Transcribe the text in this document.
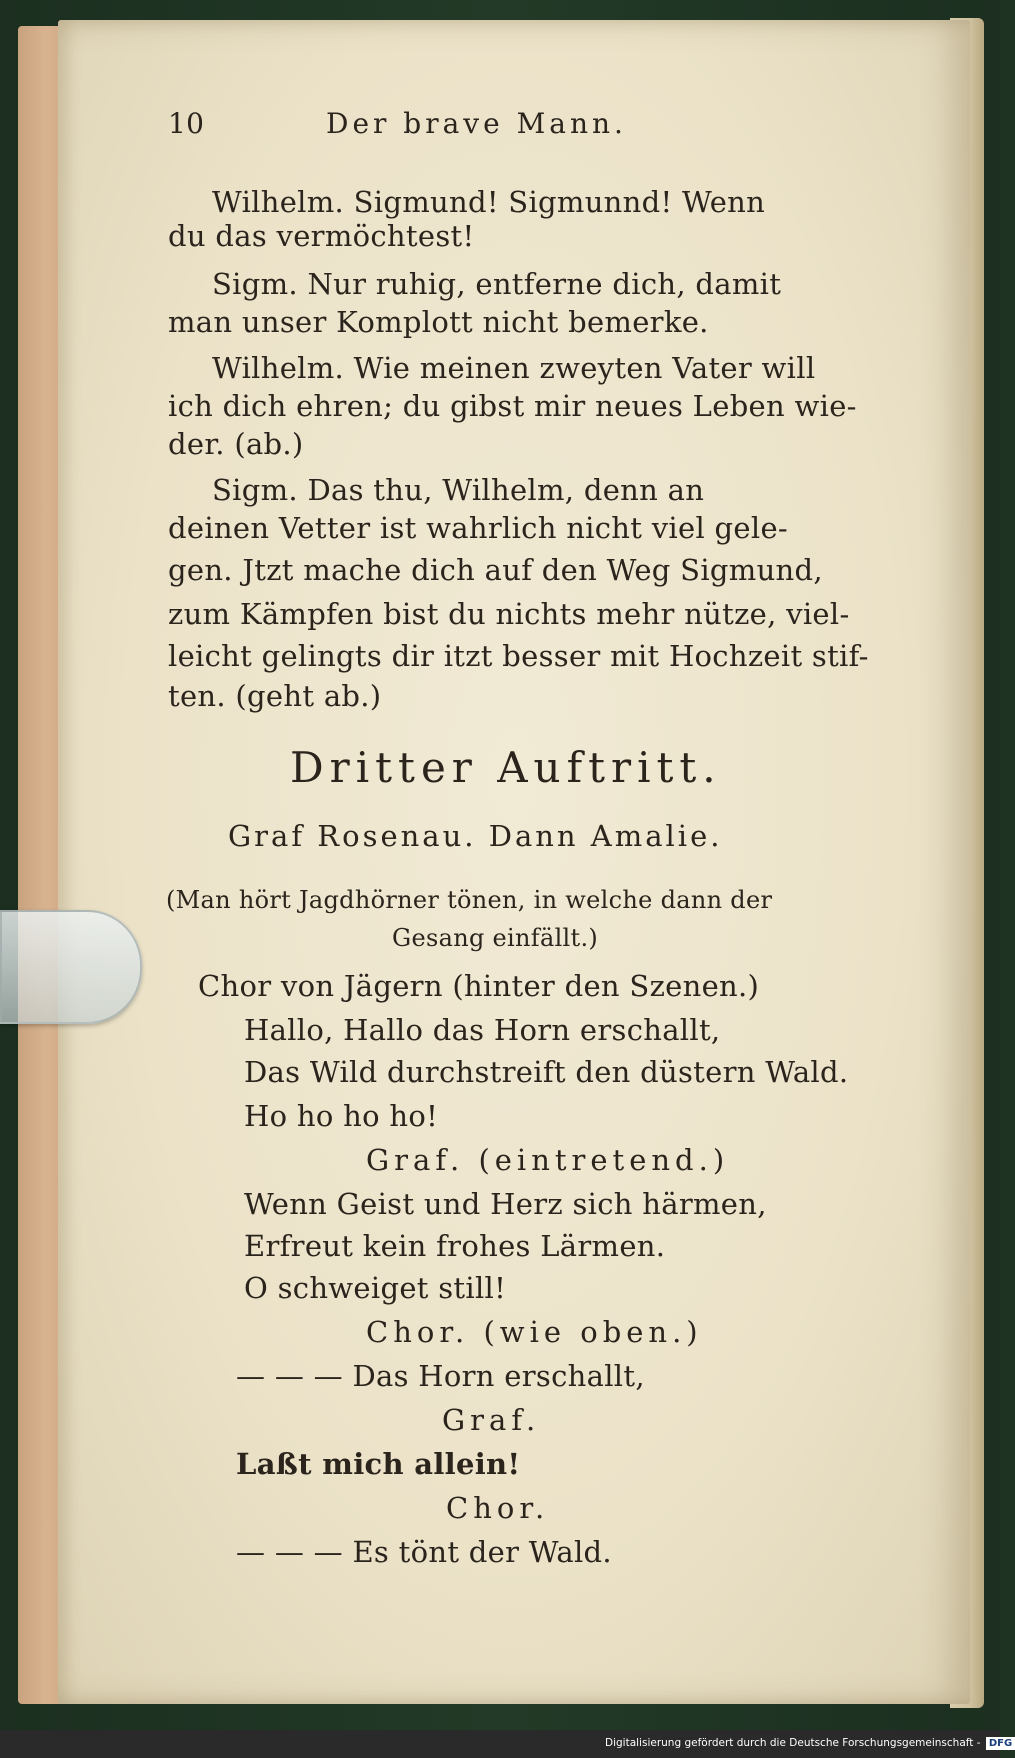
10	Der brave Mann.
Wilhelm. Sigmund! Sigmunnd! Wenn
du das vermöchtest!
Sigm. Nur ruhig, entferne dich, damit
man unser Komplott nicht bemerke.
Wilhelm. Wie meinen zweyten Vater will
ich dich ehren; du gibst mir neues Leben wie-
der. (ab.)
Sigm. Das thu, Wilhelm, denn an
deinen Vetter ist wahrlich nicht viel gele-
gen. Jtzt mache dich auf den Weg Sigmund,
zum Kämpfen bist du nichts mehr nütze, viel-
leicht gelingts dir itzt besser mit Hochzeit stif-
ten. (geht ab.)
Dritter Auftritt.
Graf Rosenau. Dann Amalie.
(Man hört Jagdhörner tönen, in welche dann der
Gesang einfällt.)
Chor von Jägern (hinter den Szenen.)
Hallo, Hallo das Horn erschallt,
Das Wild durchstreift den düstern Wald.
Ho ho ho ho!
Graf. (eintretend.)
Wenn Geist und Herz sich härmen,
Erfreut kein frohes Lärmen.
O schweiget still!
Chor. (wie oben.)
— — — Das Horn erschallt,
Graf.
Laßt mich allein!
Chor.
— — — Es tönt der Wald.
Digitalisierung gefördert durch die Deutsche Forschungsgemeinschaft - DFG
